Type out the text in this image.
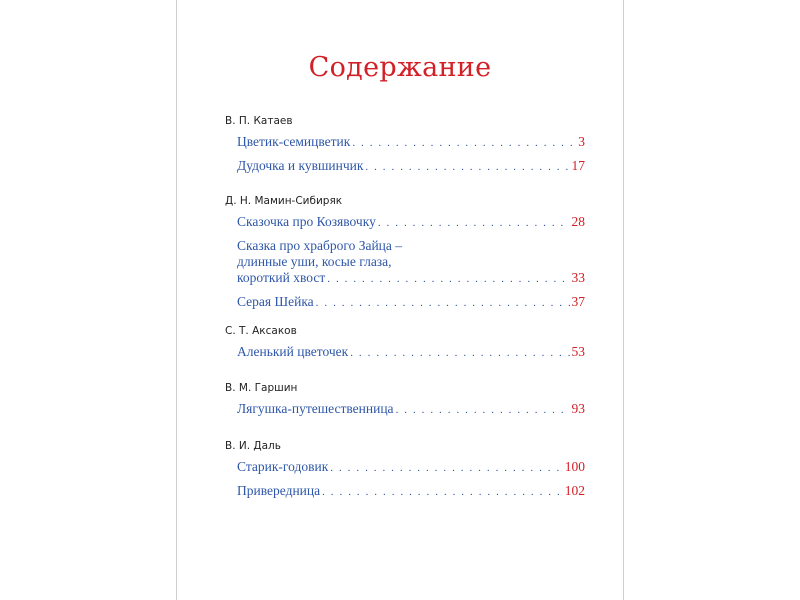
Содержание
В. П. Катаев
Цветик-семицветик . . .	3
Дудочка и кувшинчик . . .	17
Д. Н. Мамин-Сибиряк
Сказочка про Козявочку . . .	28
Сказка про храброго Зайца –
длинные уши, косые глаза,
короткий хвост . . .	33
Серая Шейка . . .	37
С. Т. Аксаков
Аленький цветочек . . .	53
В. М. Гаршин
Лягушка-путешественница . . .	93
В. И. Даль
Старик-годовик . . .	100
Привередница . . .	102
